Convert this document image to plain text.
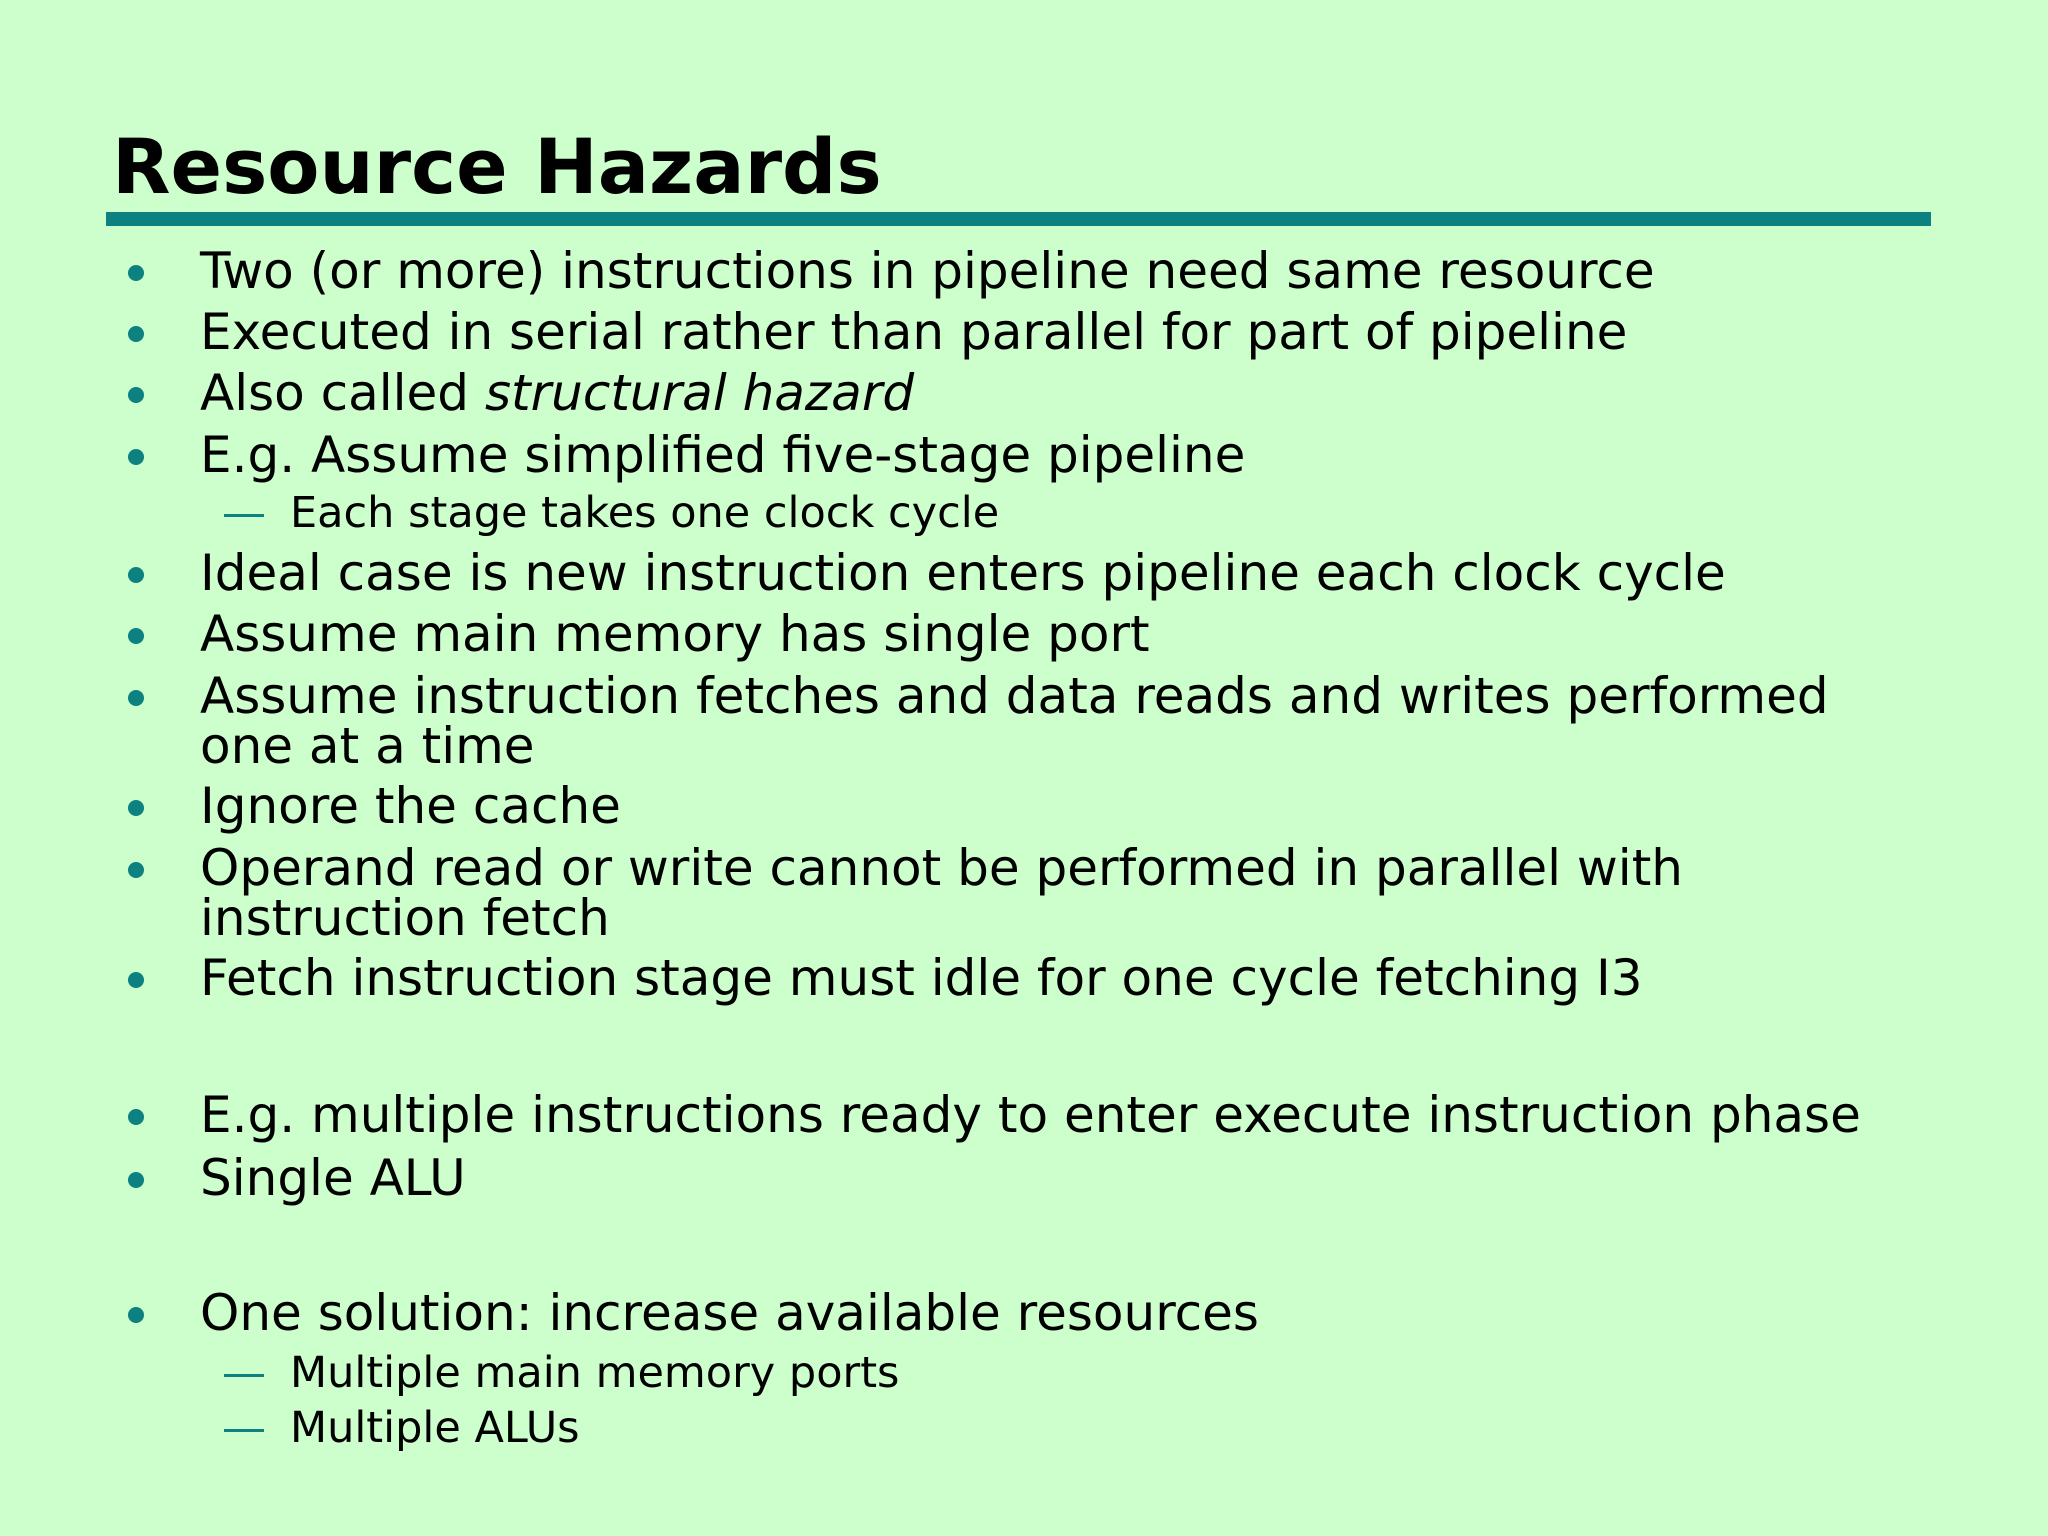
Resource Hazards
Two (or more) instructions in pipeline need same resource
Executed in serial rather than parallel for part of pipeline
Also called structural hazard
E.g. Assume simplified five-stage pipeline
Each stage takes one clock cycle
Ideal case is new instruction enters pipeline each clock cycle
Assume main memory has single port
Assume instruction fetches and data reads and writes performed
one at a time
Ignore the cache
Operand read or write cannot be performed in parallel with
instruction fetch
Fetch instruction stage must idle for one cycle fetching I3
E.g. multiple instructions ready to enter execute instruction phase
Single ALU
One solution: increase available resources
Multiple main memory ports
Multiple ALUs
